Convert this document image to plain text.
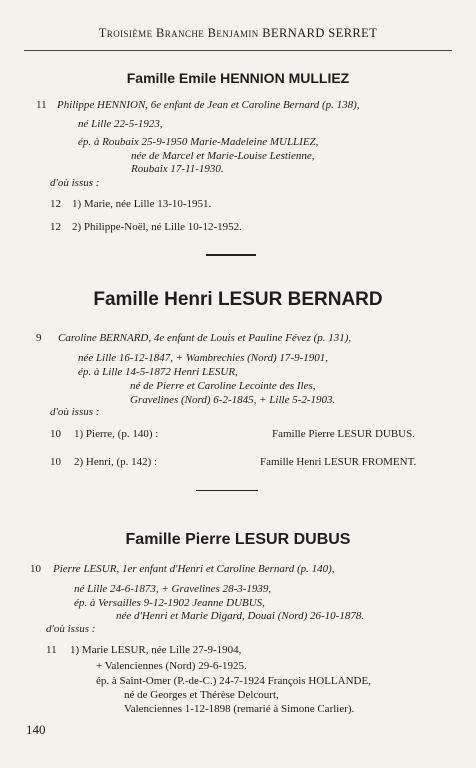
Troisième Branche Benjamin BERNARD SERRET
Famille Emile HENNION MULLIEZ
11 Philippe HENNION, 6e enfant de Jean et Caroline Bernard (p. 138),
né Lille 22-5-1923,
ép. à Roubaix 25-9-1950 Marie-Madeleine MULLIEZ,
née de Marcel et Marie-Louise Lestienne,
Roubaix 17-11-1930.
d'où issus :
12 1) Marie, née Lille 13-10-1951.
12 2) Philippe-Noël, né Lille 10-12-1952.
Famille Henri LESUR BERNARD
9 Caroline BERNARD, 4e enfant de Louis et Pauline Févez (p. 131),
née Lille 16-12-1847, + Wambrechies (Nord) 17-9-1901,
ép. à Lille 14-5-1872 Henri LESUR,
né de Pierre et Caroline Lecointe des Iles,
Gravelines (Nord) 6-2-1845, + Lille 5-2-1903.
d'où issus :
10 1) Pierre, (p. 140) :	Famille Pierre LESUR DUBUS.
10 2) Henri, (p. 142) :	Famille Henri LESUR FROMENT.
Famille Pierre LESUR DUBUS
10 Pierre LESUR, 1er enfant d'Henri et Caroline Bernard (p. 140),
né Lille 24-6-1873, + Gravelines 28-3-1939,
ép. à Versailles 9-12-1902 Jeanne DUBUS,
née d'Henri et Marie Digard, Douai (Nord) 26-10-1878.
d'où issus :
11 1) Marie LESUR, née Lille 27-9-1904,
+ Valenciennes (Nord) 29-6-1925.
ép. à Saint-Omer (P.-de-C.) 24-7-1924 François HOLLANDE,
né de Georges et Thérèse Delcourt,
Valenciennes 1-12-1898 (remarié à Simone Carlier).
140
